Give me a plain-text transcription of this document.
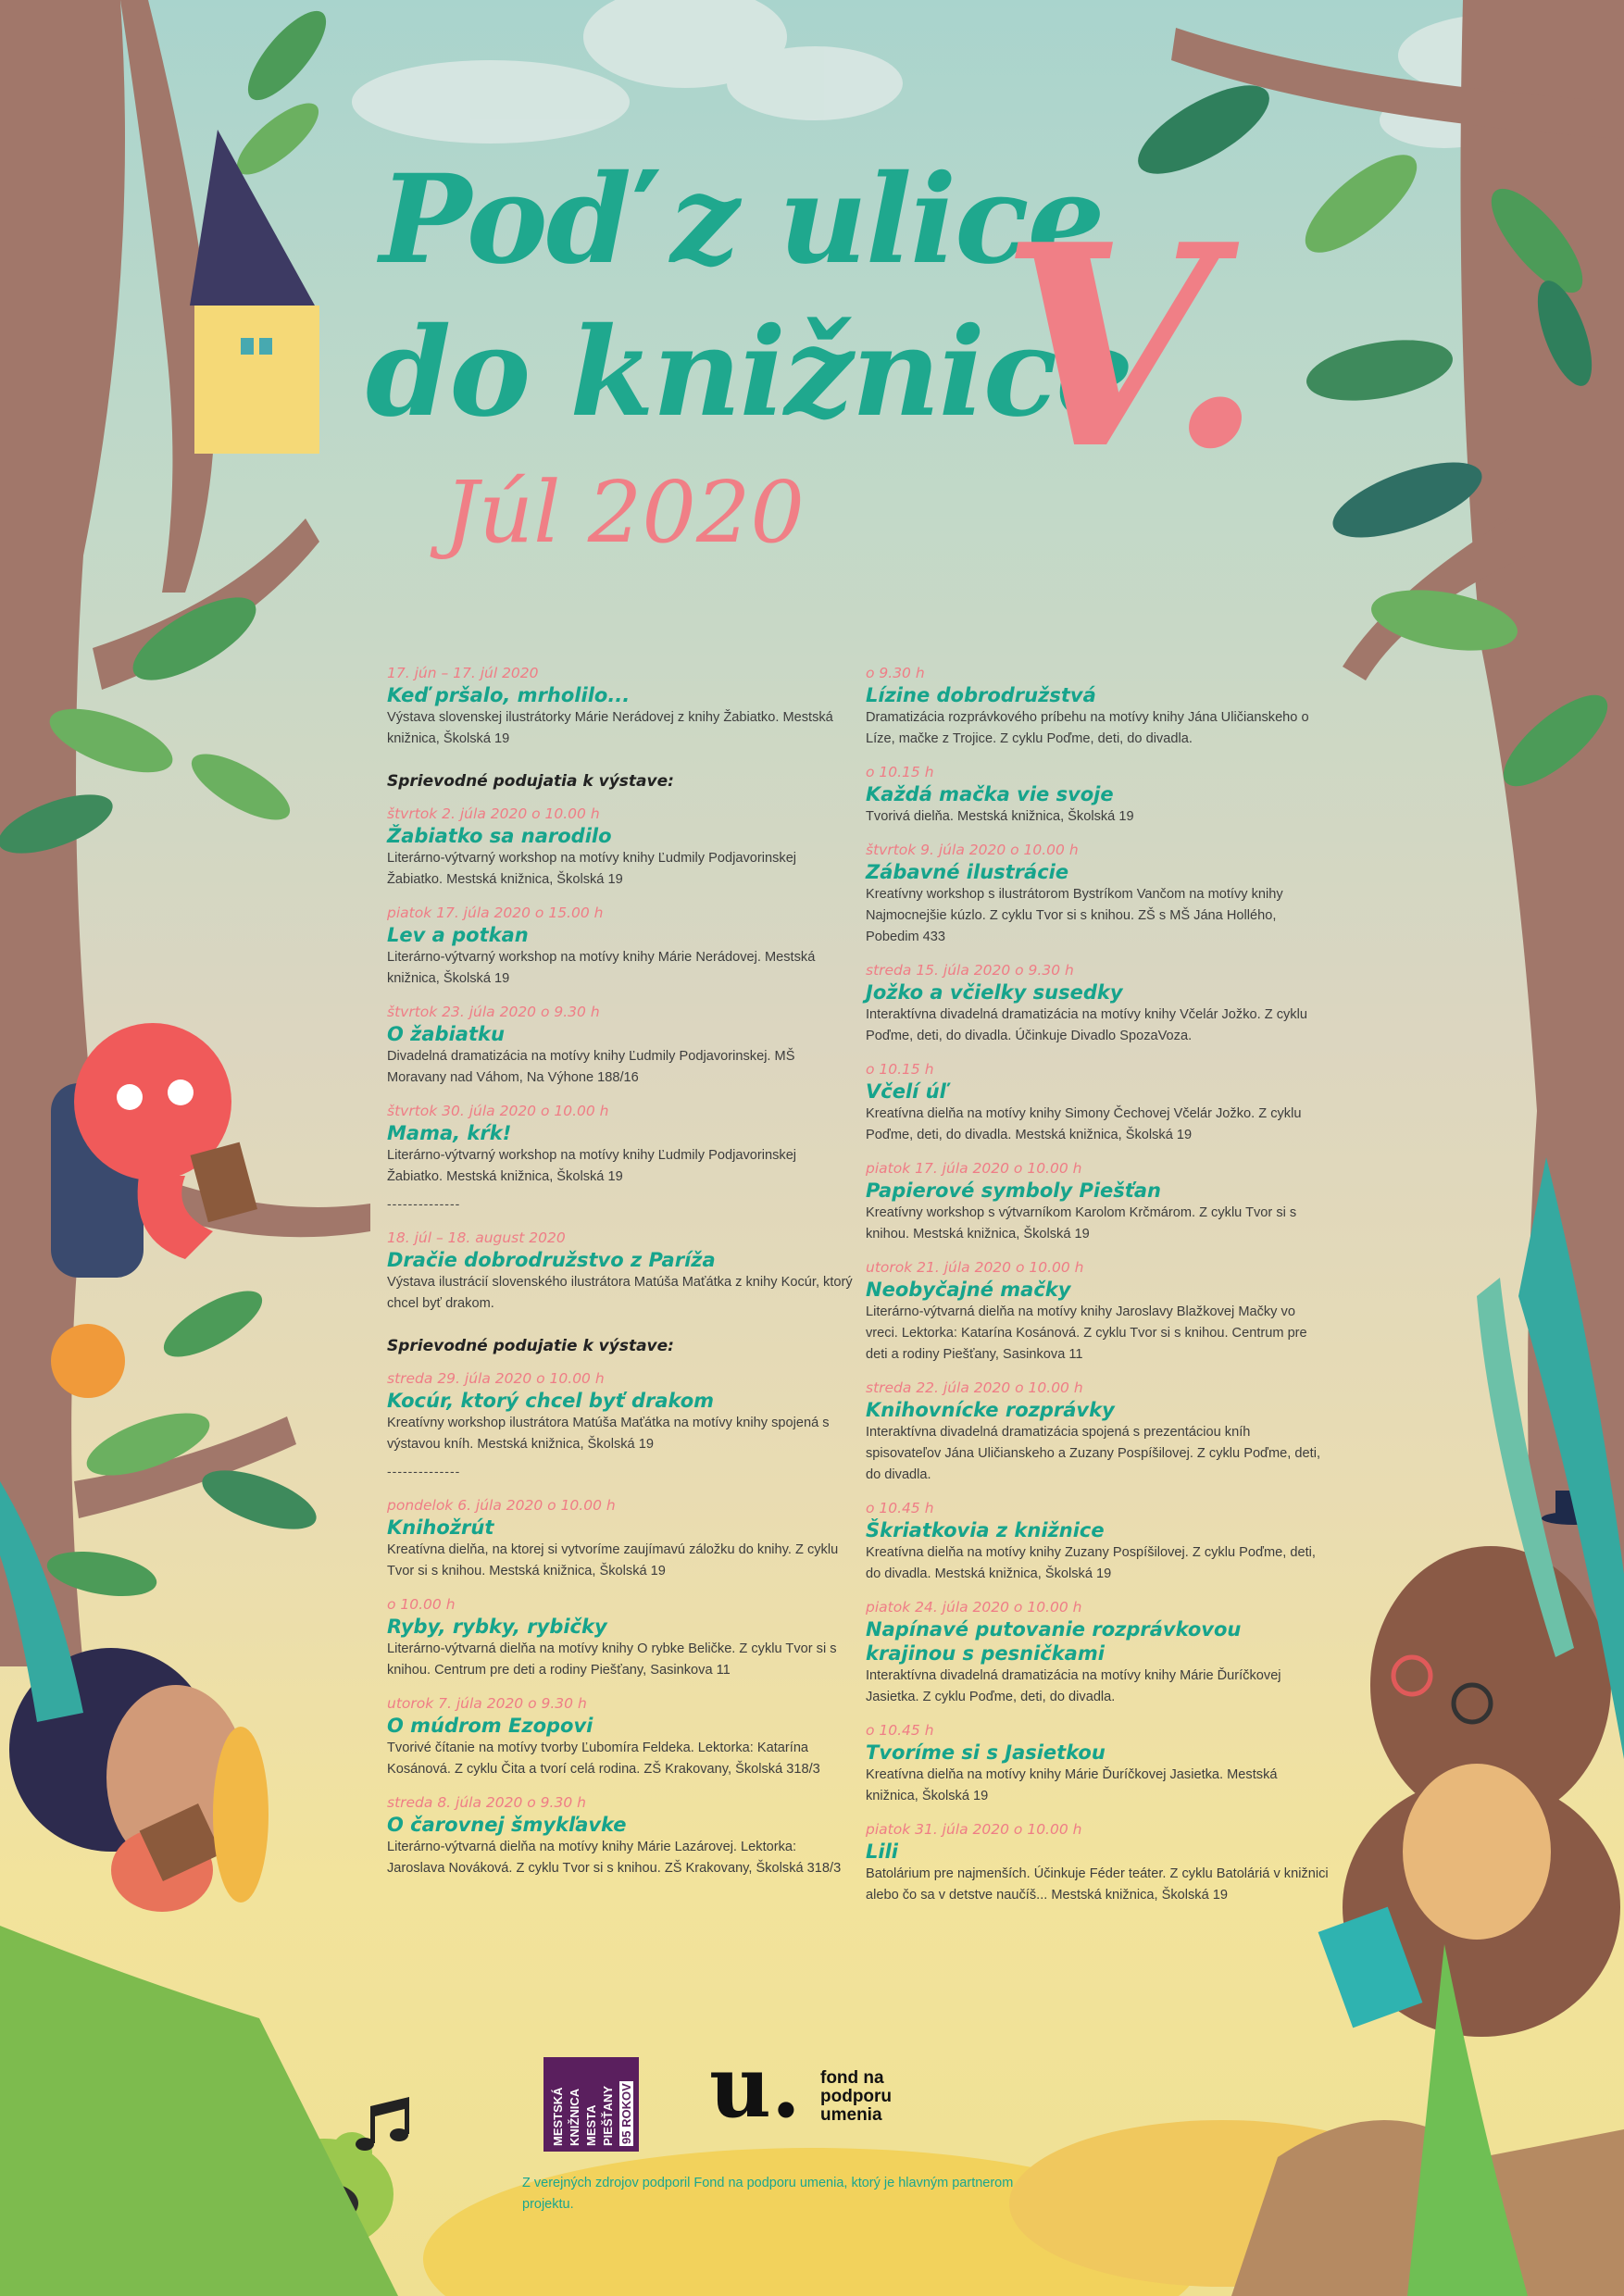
Poď z ulice
do knižnice
V.
Júl 2020
17. jún – 17. júl 2020
Keď pršalo, mrholilo...
Výstava slovenskej ilustrátorky Márie Nerádovej z knihy Žabiatko. Mestská knižnica, Školská 19
Sprievodné podujatia k výstave:
štvrtok 2. júla 2020 o 10.00 h
Žabiatko sa narodilo
Literárno-výtvarný workshop na motívy knihy Ľudmily Podjavorinskej Žabiatko. Mestská knižnica, Školská 19
piatok 17. júla 2020 o 15.00 h
Lev a potkan
Literárno-výtvarný workshop na motívy knihy Márie Nerádovej. Mestská knižnica, Školská 19
štvrtok 23. júla 2020 o 9.30 h
O žabiatku
Divadelná dramatizácia na motívy knihy Ľudmily Podjavorinskej. MŠ Moravany nad Váhom, Na Výhone 188/16
štvrtok 30. júla 2020 o 10.00 h
Mama, kŕk!
Literárno-výtvarný workshop na motívy knihy Ľudmily Podjavorinskej Žabiatko. Mestská knižnica, Školská 19
--------------
18. júl – 18. august 2020
Dračie dobrodružstvo z Paríža
Výstava ilustrácií slovenského ilustrátora Matúša Maťátka z knihy Kocúr, ktorý chcel byť drakom.
Sprievodné podujatie k výstave:
streda 29. júla 2020 o 10.00 h
Kocúr, ktorý chcel byť drakom
Kreatívny workshop ilustrátora Matúša Maťátka na motívy knihy spojená s výstavou kníh. Mestská knižnica, Školská 19
--------------
pondelok 6. júla 2020 o 10.00 h
Knihožrút
Kreatívna dielňa, na ktorej si vytvoríme zaujímavú záložku do knihy. Z cyklu Tvor si s knihou. Mestská knižnica, Školská 19
o 10.00 h
Ryby, rybky, rybičky
Literárno-výtvarná dielňa na motívy knihy O rybke Beličke. Z cyklu Tvor si s knihou. Centrum pre deti a rodiny Piešťany, Sasinkova 11
utorok 7. júla 2020 o 9.30 h
O múdrom Ezopovi
Tvorivé čítanie na motívy tvorby Ľubomíra Feldeka. Lektorka: Katarína Kosánová. Z cyklu Čita a tvorí celá rodina. ZŠ Krakovany, Školská 318/3
streda 8. júla 2020 o 9.30 h
O čarovnej šmykľavke
Literárno-výtvarná dielňa na motívy knihy Márie Lazárovej. Lektorka: Jaroslava Nováková. Z cyklu Tvor si s knihou. ZŠ Krakovany, Školská 318/3
o 9.30 h
Lízine dobrodružstvá
Dramatizácia rozprávkového príbehu na motívy knihy Jána Uličianskeho o Líze, mačke z Trojice. Z cyklu Poďme, deti, do divadla.
o 10.15 h
Každá mačka vie svoje
Tvorivá dielňa. Mestská knižnica, Školská 19
štvrtok 9. júla 2020 o 10.00 h
Zábavné ilustrácie
Kreatívny workshop s ilustrátorom Bystríkom Vančom na motívy knihy Najmocnejšie kúzlo. Z cyklu Tvor si s knihou. ZŠ s MŠ Jána Hollého, Pobedim 433
streda 15. júla 2020 o 9.30 h
Jožko a včielky susedky
Interaktívna divadelná dramatizácia na motívy knihy Včelár Jožko. Z cyklu Poďme, deti, do divadla. Účinkuje Divadlo SpozaVoza.
o 10.15 h
Včelí úľ
Kreatívna dielňa na motívy knihy Simony Čechovej Včelár Jožko. Z cyklu Poďme, deti, do divadla. Mestská knižnica, Školská 19
piatok 17. júla 2020 o 10.00 h
Papierové symboly Piešťan
Kreatívny workshop s výtvarníkom Karolom Krčmárom. Z cyklu Tvor si s knihou. Mestská knižnica, Školská 19
utorok 21. júla 2020 o 10.00 h
Neobyčajné mačky
Literárno-výtvarná dielňa na motívy knihy Jaroslavy Blažkovej Mačky vo vreci. Lektorka: Katarína Kosánová. Z cyklu Tvor si s knihou. Centrum pre deti a rodiny Piešťany, Sasinkova 11
streda 22. júla 2020 o 10.00 h
Knihovnícke rozprávky
Interaktívna divadelná dramatizácia spojená s prezentáciou kníh spisovateľov Jána Uličianskeho a Zuzany Pospíšilovej. Z cyklu Poďme, deti, do divadla.
o 10.45 h
Škriatkovia z knižnice
Kreatívna dielňa na motívy knihy Zuzany Pospíšilovej. Z cyklu Poďme, deti, do divadla. Mestská knižnica, Školská 19
piatok 24. júla 2020 o 10.00 h
Napínavé putovanie rozprávkovou krajinou s pesničkami
Interaktívna divadelná dramatizácia na motívy knihy Márie Ďuríčkovej Jasietka. Z cyklu Poďme, deti, do divadla.
o 10.45 h
Tvoríme si s Jasietkou
Kreatívna dielňa na motívy knihy Márie Ďuríčkovej Jasietka. Mestská knižnica, Školská 19
piatok 31. júla 2020 o 10.00 h
Lili
Batolárium pre najmenších. Účinkuje Féder teáter. Z cyklu Batoláriá v knižnici alebo čo sa v detstve naučíš... Mestská knižnica, Školská 19
MESTSKÁ KNIŽNICA MESTA PIEŠŤANY 95 ROKOV u. fond na podporu umenia
Z verejných zdrojov podporil Fond na podporu umenia, ktorý je hlavným partnerom projektu.
